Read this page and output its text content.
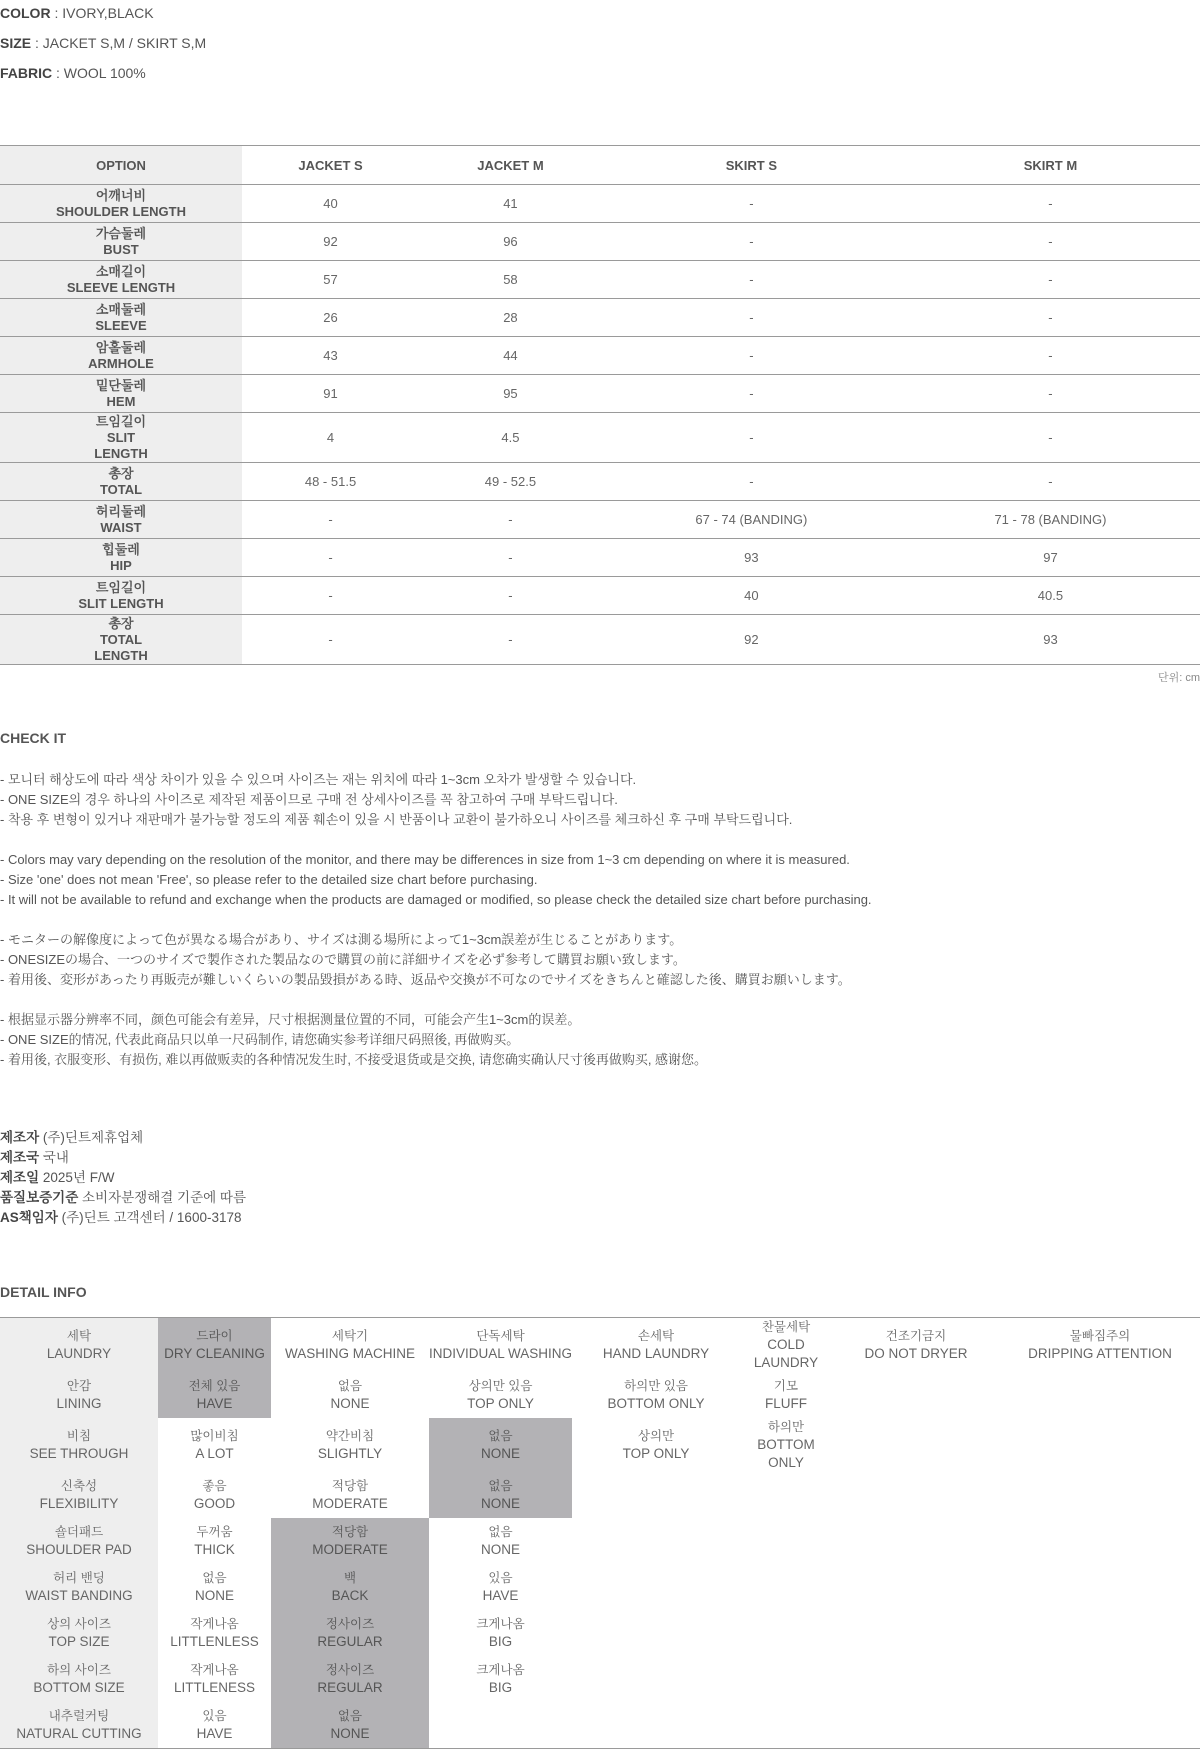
COLOR : IVORY,BLACK
SIZE : JACKET S,M / SKIRT S,M
FABRIC : WOOL 100%
OPTION	JACKET S	JACKET M	SKIRT S	SKIRT M

어깨너비
SHOULDER LENGTH	40	41	-	-

가슴둘레
BUST	92	96	-	-

소매길이
SLEEVE LENGTH	57	58	-	-

소매둘레
SLEEVE	26	28	-	-

암홀둘레
ARMHOLE	43	44	-	-

밑단둘레
HEM	91	95	-	-

트임길이
SLIT
LENGTH	4	4.5	-	-

총장
TOTAL	48 - 51.5	49 - 52.5	-	-

허리둘레
WAIST	-	-	67 - 74 (BANDING)	71 - 78 (BANDING)

힙둘레
HIP	-	-	93	97

트임길이
SLIT LENGTH	-	-	40	40.5

총장
TOTAL
LENGTH	-	-	92	93
단위: cm
CHECK IT
- 모니터 해상도에 따라 색상 차이가 있을 수 있으며 사이즈는 재는 위치에 따라 1~3cm 오차가 발생할 수 있습니다.
- ONE SIZE의 경우 하나의 사이즈로 제작된 제품이므로 구매 전 상세사이즈를 꼭 참고하여 구매 부탁드립니다.
- 착용 후 변형이 있거나 재판매가 불가능할 정도의 제품 훼손이 있을 시 반품이나 교환이 불가하오니 사이즈를 체크하신 후 구매 부탁드립니다.
- Colors may vary depending on the resolution of the monitor, and there may be differences in size from 1~3 cm depending on where it is measured.
- Size 'one' does not mean 'Free', so please refer to the detailed size chart before purchasing.
- It will not be available to refund and exchange when the products are damaged or modified, so please check the detailed size chart before purchasing.
- モニターの解像度によって色が異なる場合があり、サイズは測る場所によって1~3cm誤差が生じることがあります。
- ONESIZEの場合、一つのサイズで製作された製品なので購買の前に詳細サイズを必ず参考して購買お願い致します。
- 着用後、変形があったり再販売が難しいくらいの製品毀損がある時、返品や交換が不可なのでサイズをきちんと確認した後、購買お願いします。
- 根据显示器分辨率不同，颜色可能会有差异，尺寸根据测量位置的不同，可能会产生1~3cm的误差。
- ONE SIZE的情况, 代表此商品只以单一尺码制作, 请您确实参考详细尺码照後, 再做购买。
- 着用後, 衣服变形、有损伤, 难以再做贩卖的各种情况发生时, 不接受退货或是交换, 请您确实确认尺寸後再做购买, 感谢您。
제조자 (주)딘트제휴업체
제조국 국내
제조일 2025년 F/W
품질보증기준 소비자분쟁해결 기준에 따름
AS책임자 (주)딘트 고객센터 / 1600-3178
DETAIL INFO
세탁
LAUNDRY	드라이
DRY CLEANING	세탁기
WASHING MACHINE	단독세탁
INDIVIDUAL WASHING	손세탁
HAND LAUNDRY	찬물세탁
COLD LAUNDRY	건조기금지
DO NOT DRYER	물빠짐주의
DRIPPING ATTENTION

안감
LINING	전체 있음
HAVE	없음
NONE	상의만 있음
TOP ONLY	하의만 있음
BOTTOM ONLY	기모
FLUFF		

비침
SEE THROUGH	많이비침
A LOT	약간비침
SLIGHTLY	없음
NONE	상의만
TOP ONLY	하의만
BOTTOM ONLY		

신축성
FLEXIBILITY	좋음
GOOD	적당함
MODERATE	없음
NONE				

숄더패드
SHOULDER PAD	두꺼움
THICK	적당함
MODERATE	없음
NONE				

허리 밴딩
WAIST BANDING	없음
NONE	백
BACK	있음
HAVE				

상의 사이즈
TOP SIZE	작게나옴
LITTLENLESS	정사이즈
REGULAR	크게나옴
BIG				

하의 사이즈
BOTTOM SIZE	작게나옴
LITTLENESS	정사이즈
REGULAR	크게나옴
BIG				

내추럴커팅
NATURAL CUTTING	있음
HAVE	없음
NONE					
